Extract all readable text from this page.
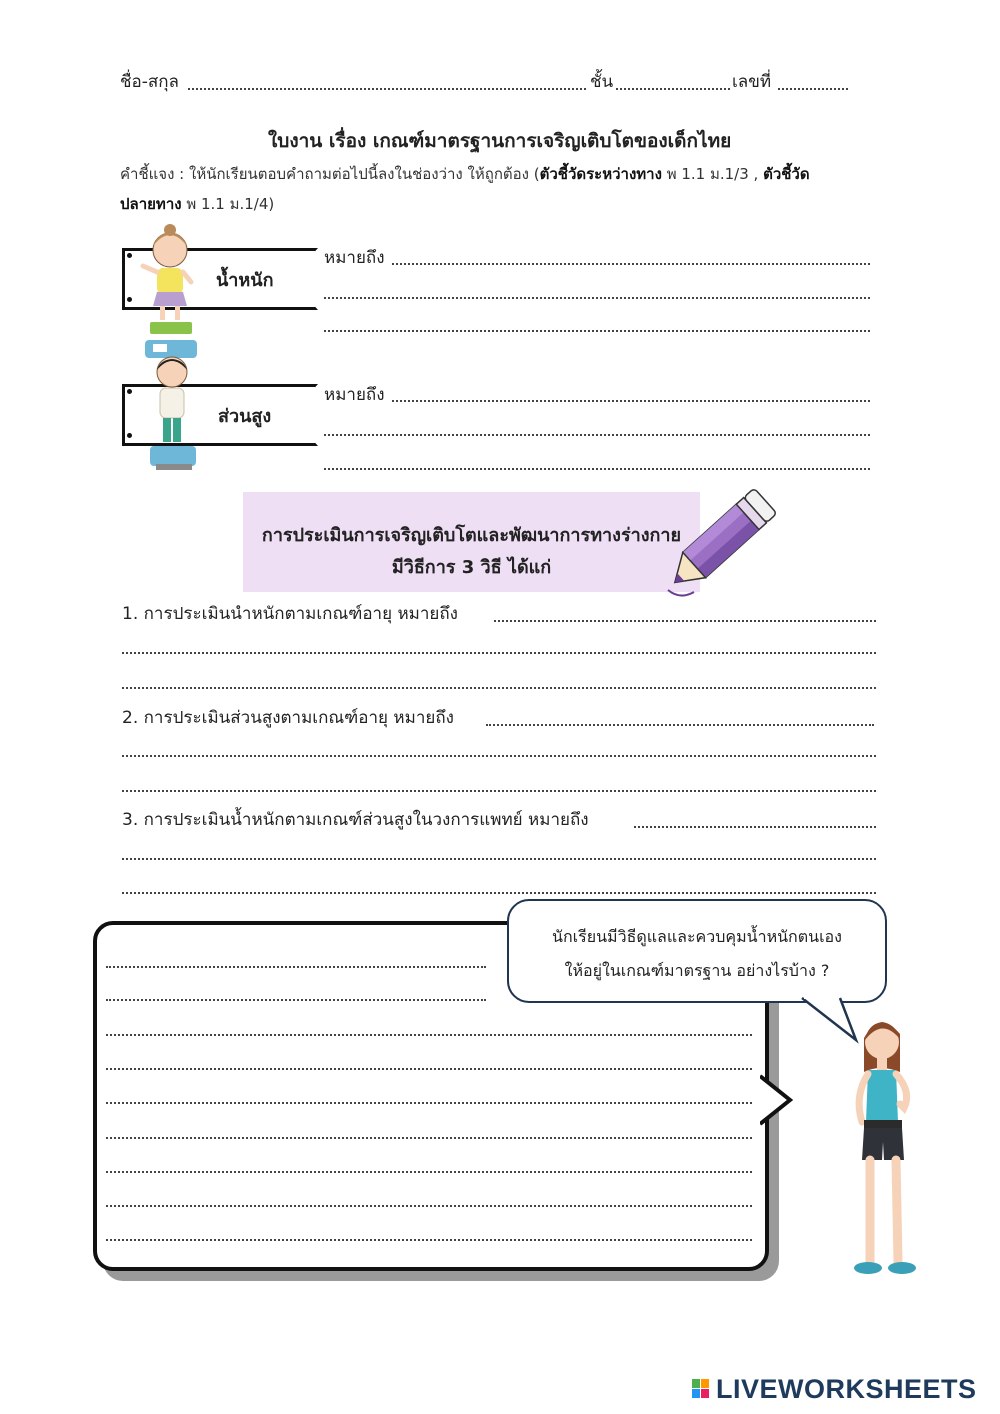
ชื่อ-สกุล	ชั้น	เลขที่
ใบงาน เรื่อง เกณฑ์มาตรฐานการเจริญเติบโตของเด็กไทย
คำชี้แจง : ให้นักเรียนตอบคำถามต่อไปนี้ลงในช่องว่าง ให้ถูกต้อง (ตัวชี้วัดระหว่างทาง พ 1.1 ม.1/3 , ตัวชี้วัด
ปลายทาง พ 1.1 ม.1/4)
น้ำหนัก
หมายถึง
ส่วนสูง
หมายถึง
การประเมินการเจริญเติบโตและพัฒนาการทางร่างกาย
มีวิธีการ 3 วิธี ได้แก่
1. การประเมินนำหนักตามเกณฑ์อายุ หมายถึง
2. การประเมินส่วนสูงตามเกณฑ์อายุ หมายถึง
3. การประเมินน้ำหนักตามเกณฑ์ส่วนสูงในวงการแพทย์ หมายถึง
นักเรียนมีวิธีดูแลและควบคุมน้ำหนักตนเอง
ให้อยู่ในเกณฑ์มาตรฐาน อย่างไรบ้าง ?
LIVEWORKSHEETS
